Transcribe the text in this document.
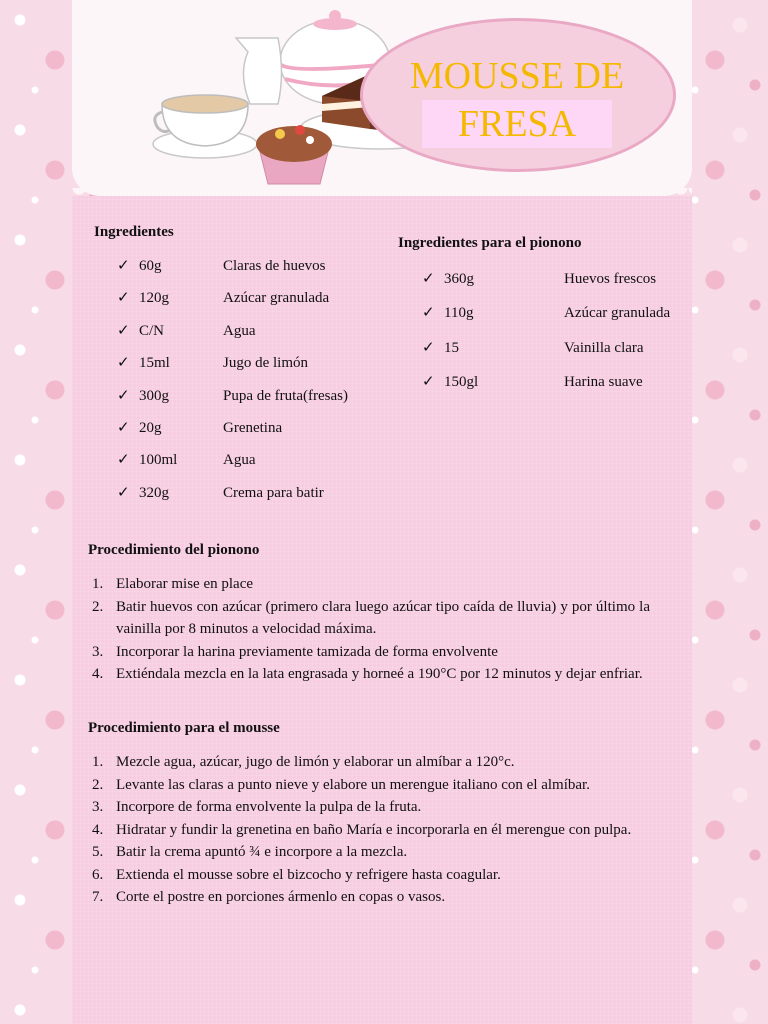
MOUSSE DE
FRESA
Ingredientes
✓ 60g	Claras de huevos
✓ 120g	Azúcar granulada
✓ C/N	Agua
✓ 15ml	Jugo de limón
✓ 300g	Pupa de fruta(fresas)
✓ 20g	Grenetina
✓ 100ml	Agua
✓ 320g	Crema para batir
Ingredientes para el pionono
✓ 360g	Huevos frescos
✓ 110g	Azúcar granulada
✓ 15	Vainilla clara
✓ 150gl	Harina suave
Procedimiento del pionono
1. Elaborar mise en place
2. Batir huevos con azúcar (primero clara luego azúcar tipo caída de lluvia) y por último la vainilla por 8 minutos a velocidad máxima.
3. Incorporar la harina previamente tamizada de forma envolvente
4. Extiéndala mezcla en la lata engrasada y horneé a 190°C por 12 minutos y dejar enfriar.
Procedimiento para el mousse
1. Mezcle agua, azúcar, jugo de limón y elaborar un almíbar a 120°c.
2. Levante las claras a punto nieve y elabore un merengue italiano con el almíbar.
3. Incorpore de forma envolvente la pulpa de la fruta.
4. Hidratar y fundir la grenetina en baño María e incorporarla en él merengue con pulpa.
5. Batir la crema apuntó ¾ e incorpore a la mezcla.
6. Extienda el mousse sobre el bizcocho y refrigere hasta coagular.
7. Corte el postre en porciones ármenlo en copas o vasos.
